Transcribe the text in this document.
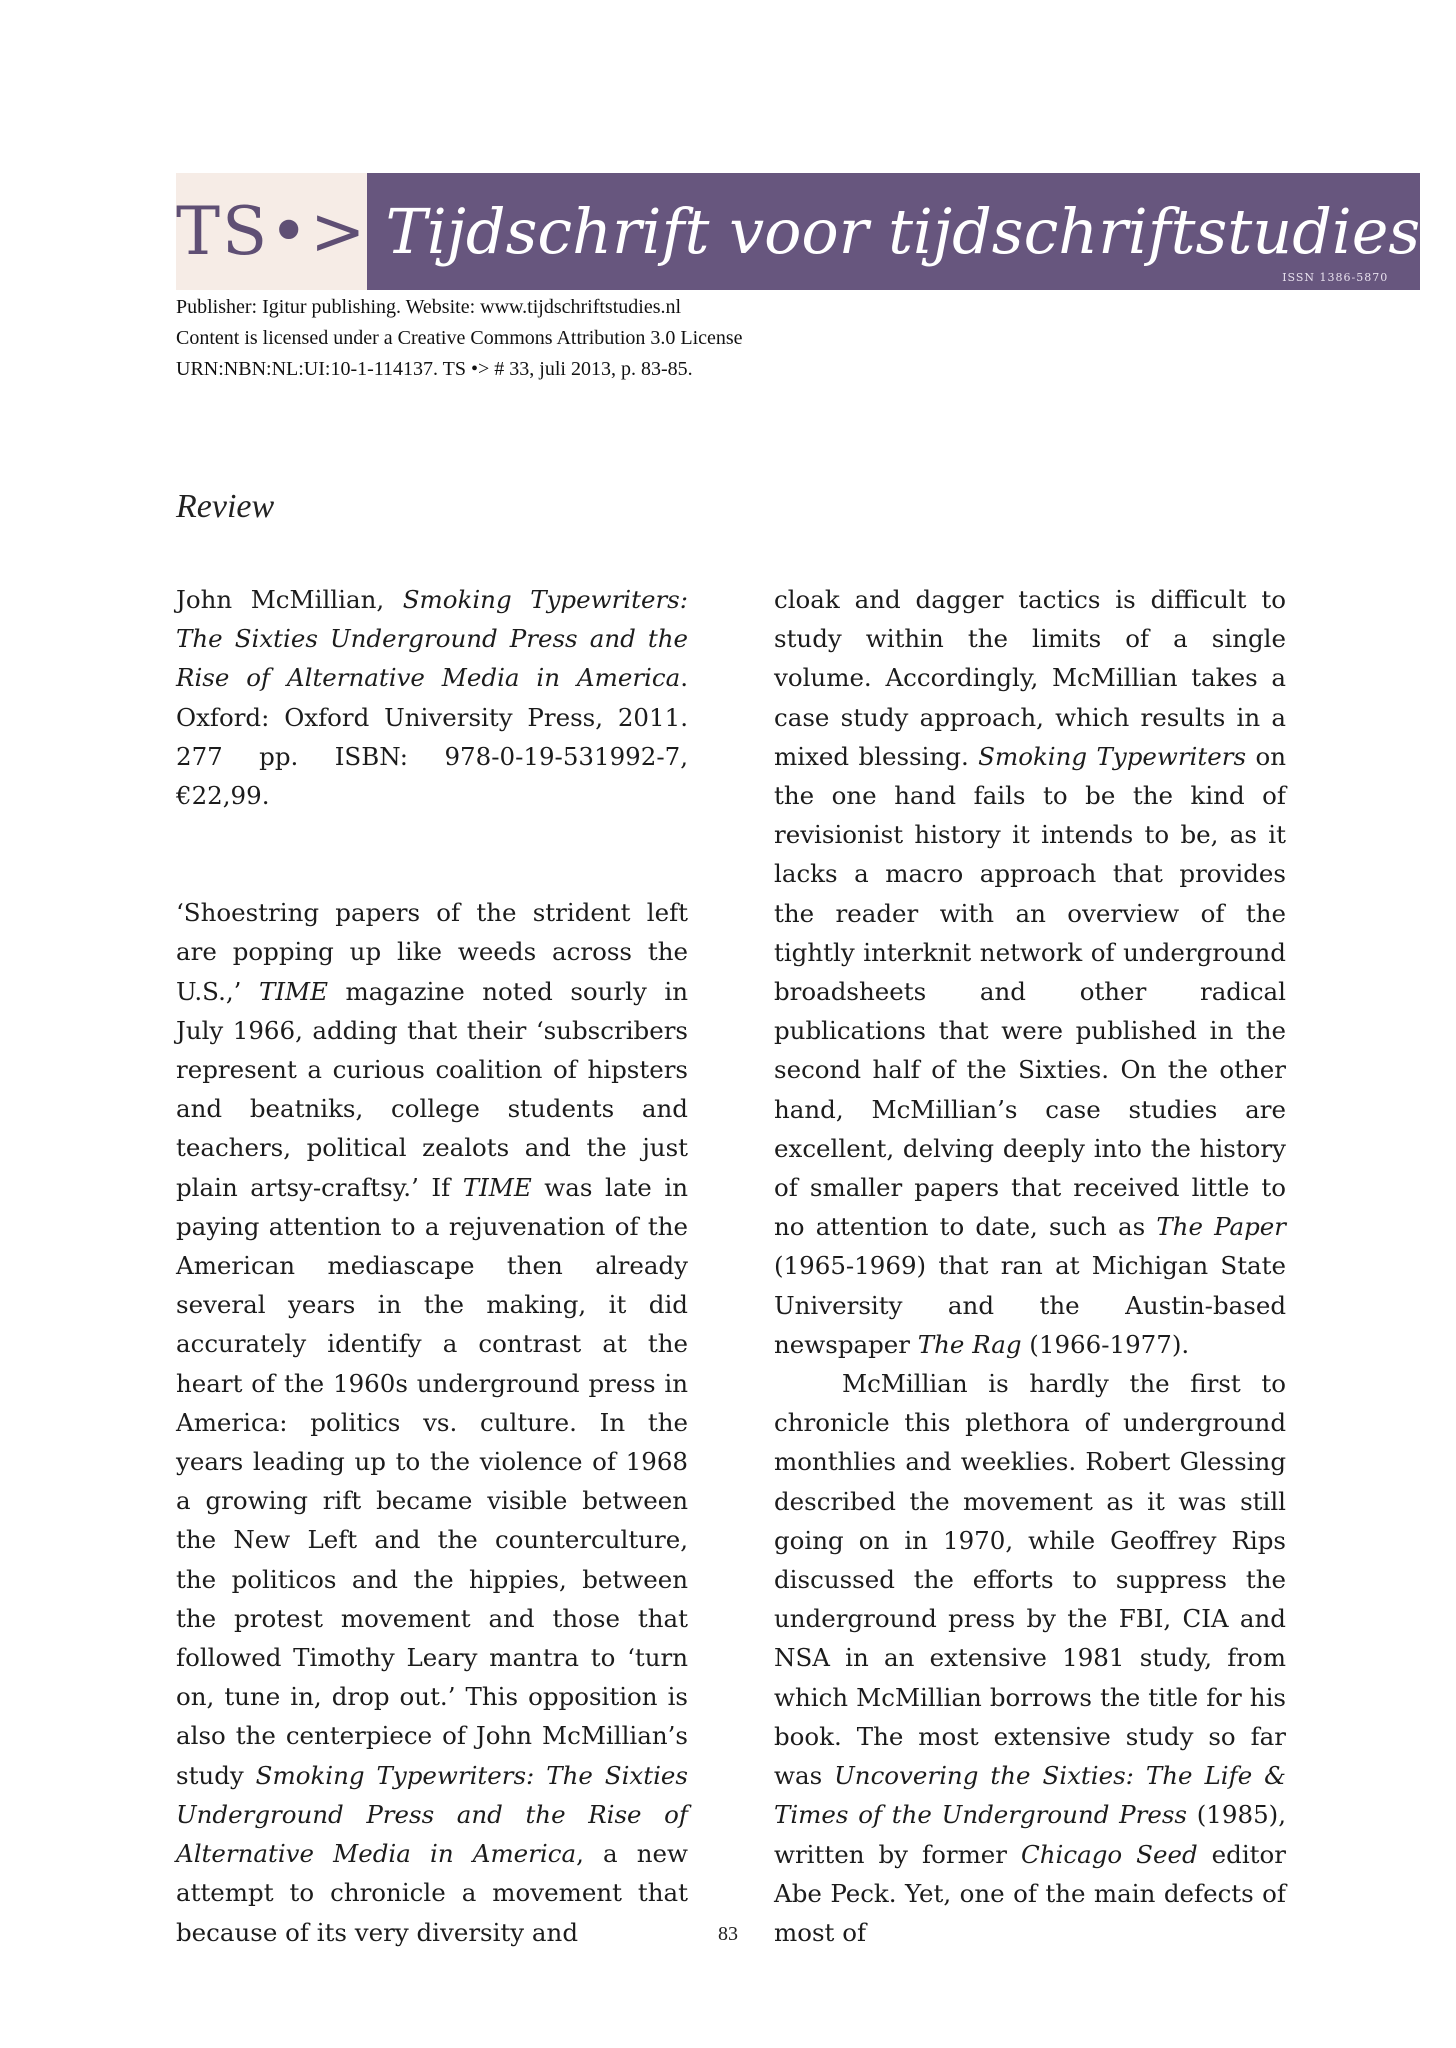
TS•> Tijdschrift voor tijdschriftstudies
ISSN 1386-5870
Publisher: Igitur publishing. Website: www.tijdschriftstudies.nl
Content is licensed under a Creative Commons Attribution 3.0 License
URN:NBN:NL:UI:10-1-114137. TS •> # 33, juli 2013, p. 83-85.
Review

John McMillian, Smoking Typewriters: The Sixties Underground Press and the Rise of Alternative Media in America. Oxford: Oxford University Press, 2011. 277 pp. ISBN: 978-0-19-531992-7, €22,99.

‘Shoestring papers of the strident left are popping up like weeds across the U.S.,’ TIME magazine noted sourly in July 1966, adding that their ‘subscribers represent a curious coalition of hipsters and beatniks, college students and teachers, political zealots and the just plain artsy-craftsy.’ If TIME was late in paying attention to a rejuvenation of the American mediascape then already several years in the making, it did accurately identify a contrast at the heart of the 1960s underground press in America: politics vs. culture. In the years leading up to the violence of 1968 a growing rift became visible between the New Left and the counterculture, the politicos and the hippies, between the protest movement and those that followed Timothy Leary mantra to ‘turn on, tune in, drop out.’ This opposition is also the centerpiece of John McMillian’s study Smoking Typewriters: The Sixties Underground Press and the Rise of Alternative Media in America, a new attempt to chronicle a movement that because of its very diversity and

cloak and dagger tactics is difficult to study within the limits of a single volume. Accordingly, McMillian takes a case study approach, which results in a mixed blessing. Smoking Typewriters on the one hand fails to be the kind of revisionist history it intends to be, as it lacks a macro approach that provides the reader with an overview of the tightly interknit network of underground broadsheets and other radical publications that were published in the second half of the Sixties. On the other hand, McMillian’s case studies are excellent, delving deeply into the history of smaller papers that received little to no attention to date, such as The Paper (1965-1969) that ran at Michigan State University and the Austin-based newspaper The Rag (1966-1977).

McMillian is hardly the first to chronicle this plethora of underground monthlies and weeklies. Robert Glessing described the movement as it was still going on in 1970, while Geoffrey Rips discussed the efforts to suppress the underground press by the FBI, CIA and NSA in an extensive 1981 study, from which McMillian borrows the title for his book. The most extensive study so far was Uncovering the Sixties: The Life & Times of the Underground Press (1985), written by former Chicago Seed editor Abe Peck. Yet, one of the main defects of most of

83
